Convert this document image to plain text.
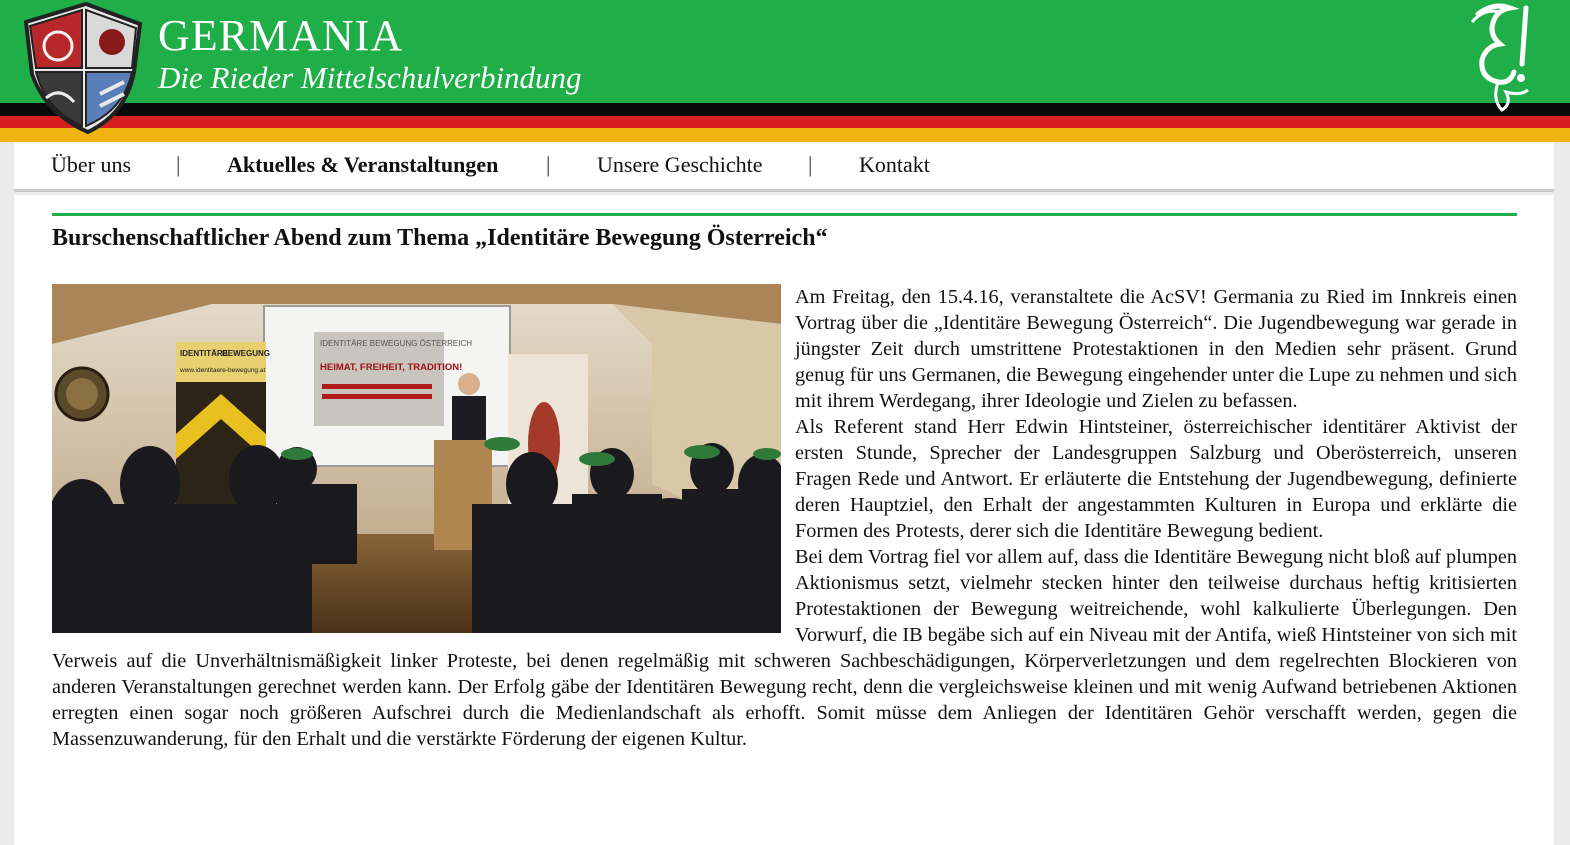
GERMANIA
Die Rieder Mittelschulverbindung
Über uns | Aktuelles & Veranstaltungen | Unsere Geschichte | Kontakt
Burschenschaftlicher Abend zum Thema „Identitäre Bewegung Österreich“
IDENTITÄRE BEWEGUNG ÖSTERREICH
HEIMAT, FREIHEIT, TRADITION!
IDENTITÄRE
BEWEGUNG
www.identitaere-bewegung.at

Am Freitag, den 15.4.16, veranstaltete die AcSV! Germania zu Ried im Innkreis einen Vortrag über die „Identitäre Bewegung Österreich“. Die Jugendbewegung war gerade in jüngster Zeit durch umstrittene Protestaktionen in den Medien sehr präsent. Grund genug für uns Germanen, die Bewegung eingehender unter die Lupe zu nehmen und sich mit ihrem Werdegang, ihrer Ideologie und Zielen zu befassen.

Als Referent stand Herr Edwin Hintsteiner, österreichischer identitärer Aktivist der ersten Stunde, Sprecher der Landesgruppen Salzburg und Oberösterreich, unseren Fragen Rede und Antwort. Er erläuterte die Entstehung der Jugendbewegung, definierte deren Hauptziel, den Erhalt der angestammten Kulturen in Europa und erklärte die Formen des Protests, derer sich die Identitäre Bewegung bedient.

Bei dem Vortrag fiel vor allem auf, dass die Identitäre Bewegung nicht bloß auf plumpen Aktionismus setzt, vielmehr stecken hinter den teilweise durchaus heftig kritisierten Protestaktionen der Bewegung weitreichende, wohl kalkulierte Überlegungen. Den Vorwurf, die IB begäbe sich auf ein Niveau mit der Antifa, wieß Hintsteiner von sich mit Verweis auf die Unverhältnismäßigkeit linker Proteste, bei denen regelmäßig mit schweren Sachbeschädigungen, Körperverletzungen und dem regelrechten Blockieren von anderen Veranstaltungen gerechnet werden kann. Der Erfolg gäbe der Identitären Bewegung recht, denn die vergleichsweise kleinen und mit wenig Aufwand betriebenen Aktionen erregten einen sogar noch größeren Aufschrei durch die Medienlandschaft als erhofft. Somit müsse dem Anliegen der Identitären Gehör verschafft werden, gegen die Massenzuwanderung, für den Erhalt und die verstärkte Förderung der eigenen Kultur.
